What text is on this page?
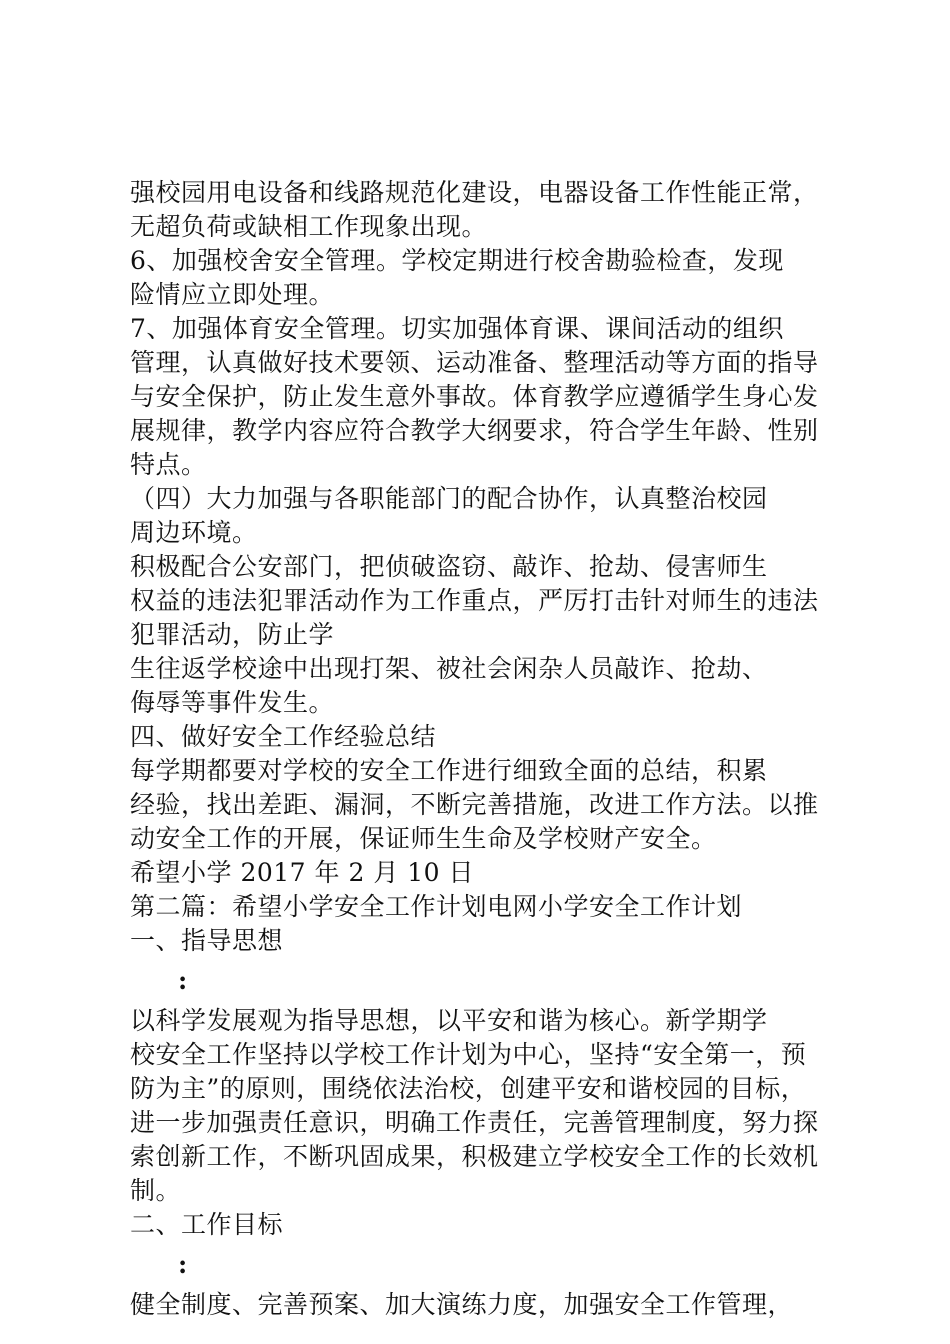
强校园用电设备和线路规范化建设，电器设备工作性能正常，
无超负荷或缺相工作现象出现。
6、加强校舍安全管理。学校定期进行校舍勘验检查，发现
险情应立即处理。
7、加强体育安全管理。切实加强体育课、课间活动的组织
管理，认真做好技术要领、运动准备、整理活动等方面的指导
与安全保护，防止发生意外事故。体育教学应遵循学生身心发
展规律，教学内容应符合教学大纲要求，符合学生年龄、性别
特点。
（四）大力加强与各职能部门的配合协作，认真整治校园
周边环境。
积极配合公安部门，把侦破盗窃、敲诈、抢劫、侵害师生
权益的违法犯罪活动作为工作重点，严厉打击针对师生的违法
犯罪活动，防止学
生往返学校途中出现打架、被社会闲杂人员敲诈、抢劫、
侮辱等事件发生。
四、做好安全工作经验总结
每学期都要对学校的安全工作进行细致全面的总结，积累
经验，找出差距、漏洞，不断完善措施，改进工作方法。以推
动安全工作的开展，保证师生生命及学校财产安全。
希望小学 2017 年 2 月 10 日
第二篇：希望小学安全工作计划电网小学安全工作计划
一、指导思想
:
以科学发展观为指导思想，以平安和谐为核心。新学期学
校安全工作坚持以学校工作计划为中心，坚持“安全第一，预
防为主”的原则，围绕依法治校，创建平安和谐校园的目标，
进一步加强责任意识，明确工作责任，完善管理制度，努力探
索创新工作，不断巩固成果，积极建立学校安全工作的长效机
制。
二、工作目标
:
健全制度、完善预案、加大演练力度，加强安全工作管理，
